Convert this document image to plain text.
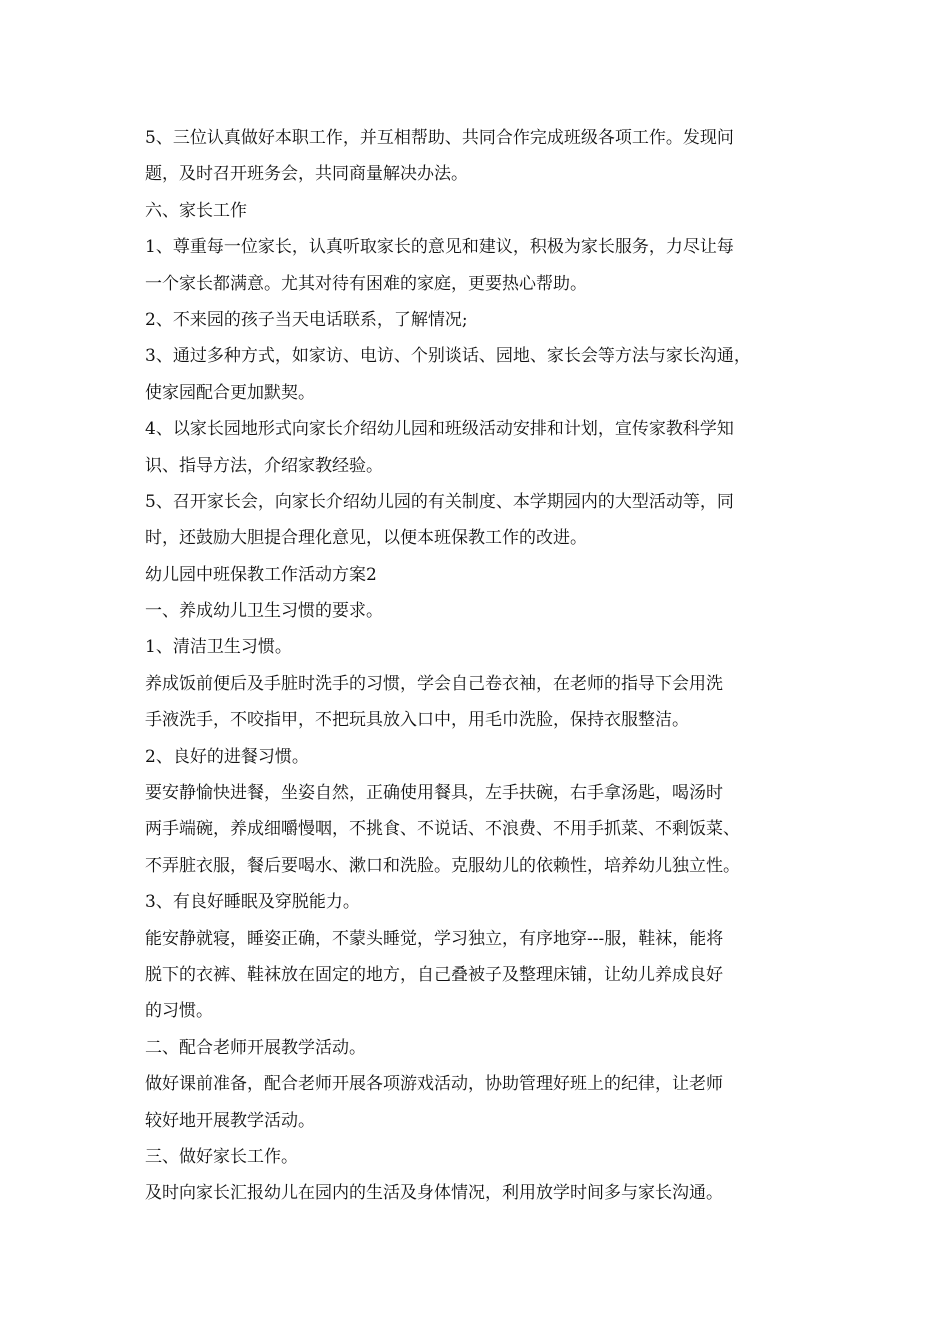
5、三位认真做好本职工作，并互相帮助、共同合作完成班级各项工作。发现问
题，及时召开班务会，共同商量解决办法。
六、家长工作
1、尊重每一位家长，认真听取家长的意见和建议，积极为家长服务，力尽让每
一个家长都满意。尤其对待有困难的家庭，更要热心帮助。
2、不来园的孩子当天电话联系，了解情况;
3、通过多种方式，如家访、电访、个别谈话、园地、家长会等方法与家长沟通，
使家园配合更加默契。
4、以家长园地形式向家长介绍幼儿园和班级活动安排和计划，宣传家教科学知
识、指导方法，介绍家教经验。
5、召开家长会，向家长介绍幼儿园的有关制度、本学期园内的大型活动等，同
时，还鼓励大胆提合理化意见，以便本班保教工作的改进。
幼儿园中班保教工作活动方案2
一、养成幼儿卫生习惯的要求。
1、清洁卫生习惯。
养成饭前便后及手脏时洗手的习惯，学会自己卷衣袖，在老师的指导下会用洗
手液洗手，不咬指甲，不把玩具放入口中，用毛巾洗脸，保持衣服整洁。
2、良好的进餐习惯。
要安静愉快进餐，坐姿自然，正确使用餐具，左手扶碗，右手拿汤匙，喝汤时
两手端碗，养成细嚼慢咽，不挑食、不说话、不浪费、不用手抓菜、不剩饭菜、
不弄脏衣服，餐后要喝水、漱口和洗脸。克服幼儿的依赖性，培养幼儿独立性。
3、有良好睡眠及穿脱能力。
能安静就寝，睡姿正确，不蒙头睡觉，学习独立，有序地穿---服，鞋袜，能将
脱下的衣裤、鞋袜放在固定的地方，自己叠被子及整理床铺，让幼儿养成良好
的习惯。
二、配合老师开展教学活动。
做好课前准备，配合老师开展各项游戏活动，协助管理好班上的纪律，让老师
较好地开展教学活动。
三、做好家长工作。
及时向家长汇报幼儿在园内的生活及身体情况，利用放学时间多与家长沟通。
